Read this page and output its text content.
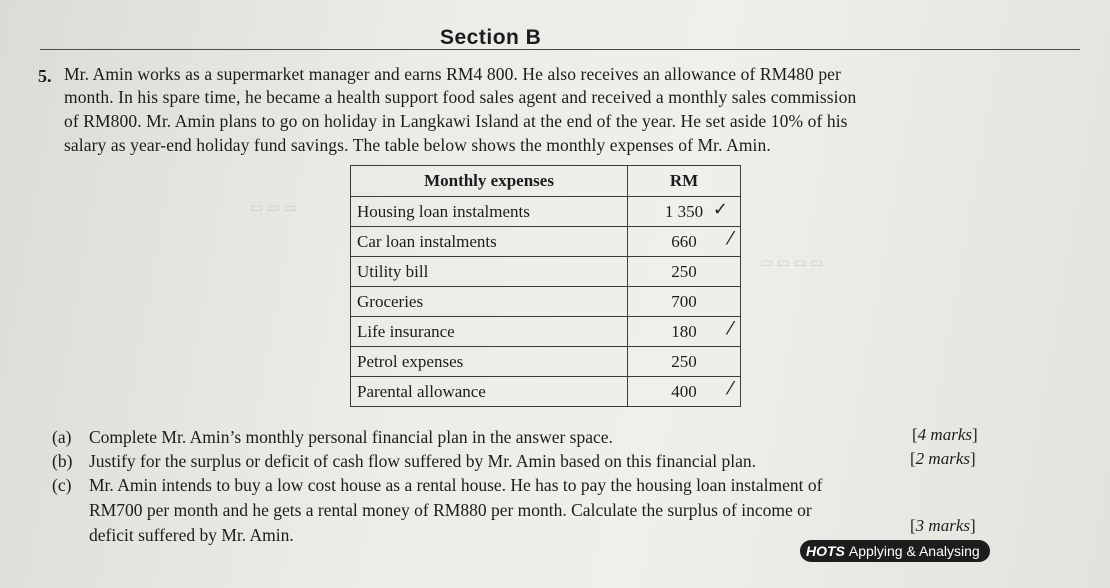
Section B
5. Mr. Amin works as a supermarket manager and earns RM4 800. He also receives an allowance of RM480 per
month. In his spare time, he became a health support food sales agent and received a monthly sales commission
of RM800. Mr. Amin plans to go on holiday in Langkawi Island at the end of the year. He set aside 10% of his
salary as year-end holiday fund savings. The table below shows the monthly expenses of Mr. Amin.
▭ ▭ ▭
▭ ▭ ▭ ▭
Monthly expenses	RM
Housing loan instalments	1 350 ✓

Car loan instalments	660 ⁄

Utility bill	250
Groceries	700
Life insurance	180 ⁄

Petrol expenses	250
Parental allowance	400 ⁄
(a) Complete Mr. Amin’s monthly personal financial plan in the answer space.	[4 marks]
(b) Justify for the surplus or deficit of cash flow suffered by Mr. Amin based on this financial plan.	[2 marks]
(c) Mr. Amin intends to buy a low cost house as a rental house. He has to pay the housing loan instalment of
RM700 per month and he gets a rental money of RM880 per month. Calculate the surplus of income or
deficit suffered by Mr. Amin.	[3 marks]
HOTS Applying & Analysing
